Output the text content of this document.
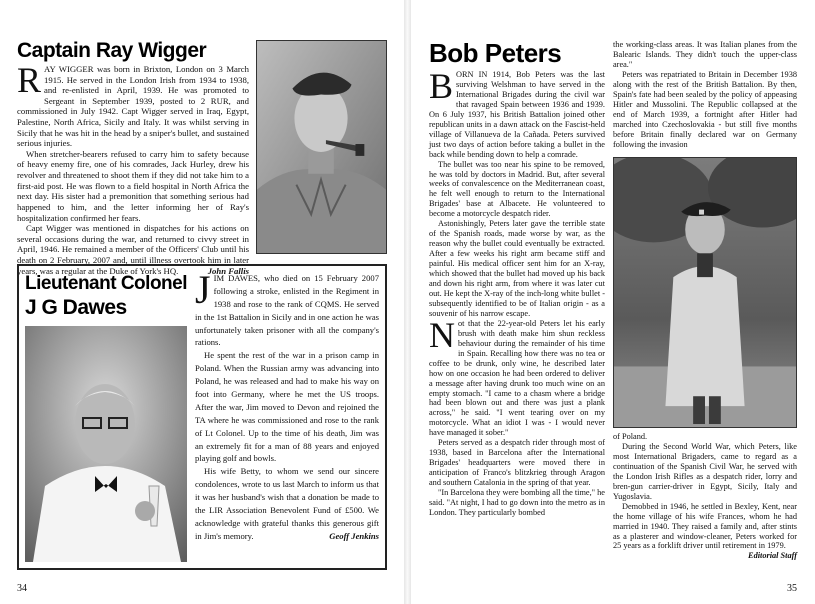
Captain Ray Wigger

RAY WIGGER was born in Brixton, London on 3 March 1915. He served in the London Irish from 1934 to 1938, and re-enlisted in April, 1939. He was promoted to Sergeant in September 1939, posted to 2 RUR, and commissioned in July 1942. Capt Wigger served in Iraq, Egypt, Palestine, North Africa, Sicily and Italy. It was whilst serving in Sicily that he was hit in the head by a sniper's bullet, and sustained serious injuries.

When stretcher-bearers refused to carry him to safety because of heavy enemy fire, one of his comrades, Jack Hurley, drew his revolver and threatened to shoot them if they did not take him to a first-aid post. He was flown to a field hospital in North Africa the next day. His sister had a premonition that something serious had happened to him, and the letter informing her of Ray's hospitalization confirmed her fears.

Capt Wigger was mentioned in dispatches for his actions on several occasions during the war, and returned to civvy street in April, 1946. He remained a member of the Officers' Club until his death on 2 February, 2007 and, until illness overtook him in later years, was a regular at the Duke of York's HQ.	John Fallis

Lieutenant Colonel
J G Dawes JIM DAWES, who died on 15 February 2007 following a stroke, enlisted in the Regiment in 1938 and rose to the rank of CQMS. He served in the 1st Battalion in Sicily and in one action he was unfortunately taken prisoner with all the company's rations.

He spent the rest of the war in a prison camp in Poland. When the Russian army was advancing into Poland, he was released and had to make his way on foot into Germany, where he met the US troops. After the war, Jim moved to Devon and rejoined the TA where he was commissioned and rose to the rank of Lt Colonel. Up to the time of his death, Jim was an extremely fit for a man of 88 years and enjoyed playing golf and bowls.

His wife Betty, to whom we send our sincere condolences, wrote to us last March to inform us that it was her husband's wish that a donation be made to the LIR Association Benevolent Fund of £500. We acknowledge with grateful thanks this generous gift in Jim's memory.	Geoff Jenkins

34
Bob Peters

BORN IN 1914, Bob Peters was the last surviving Welshman to have served in the International Brigades during the civil war that ravaged Spain between 1936 and 1939. On 6 July 1937, his British Battalion joined other republican units in a dawn attack on the Fascist-held village of Villanueva de la Cañada. Peters survived just two days of action before taking a bullet in the back while bending down to help a comrade.

The bullet was too near his spine to be removed, he was told by doctors in Madrid. But, after several weeks of convalescence on the Mediterranean coast, he felt well enough to return to the International Brigades' base at Albacete. He volunteered to become a motorcycle despatch rider.

Astonishingly, Peters later gave the terrible state of the Spanish roads, made worse by war, as the reason why the bullet could eventually be extracted. After a few weeks his right arm became stiff and painful. His medical officer sent him for an X-ray, which showed that the bullet had moved up his back and down his right arm, from where it was later cut out. He kept the X-ray of the inch-long white bullet - subsequently identified to be of Italian origin - as a souvenir of his narrow escape.

Not that the 22-year-old Peters let his early brush with death make him shun reckless behaviour during the remainder of his time in Spain. Recalling how there was no tea or coffee to be drunk, only wine, he described later how on one occasion he had been ordered to deliver a message after having drunk too much wine on an empty stomach. "I came to a chasm where a bridge had been blown out and there was just a plank across," he said. "I went tearing over on my motorcycle. What an idiot I was - I would never have managed it sober."

Peters served as a despatch rider through most of 1938, based in Barcelona after the International Brigades' headquarters were moved there in anticipation of Franco's blitzkrieg through Aragon and southern Catalonia in the spring of that year.

"In Barcelona they were bombing all the time," he said. "At night, I had to go down into the metro as in London. They particularly bombed

the working-class areas. It was Italian planes from the Balearic Islands. They didn't touch the upper-class area."

Peters was repatriated to Britain in December 1938 along with the rest of the British Battalion. By then, Spain's fate had been sealed by the policy of appeasing Hitler and Mussolini. The Republic collapsed at the end of March 1939, a fortnight after Hitler had marched into Czechoslovakia - but still five months before Britain finally declared war on Germany following the invasion

of Poland.

During the Second World War, which Peters, like most International Brigaders, came to regard as a continuation of the Spanish Civil War, he served with the London Irish Rifles as a despatch rider, lorry and bren-gun carrier-driver in Egypt, Sicily, Italy and Yugoslavia.

Demobbed in 1946, he settled in Bexley, Kent, near the home village of his wife Frances, whom he had married in 1940. They raised a family and, after stints as a plasterer and window-cleaner, Peters worked for 25 years as a forklift driver until retirement in 1979.
Editorial Staff

35
